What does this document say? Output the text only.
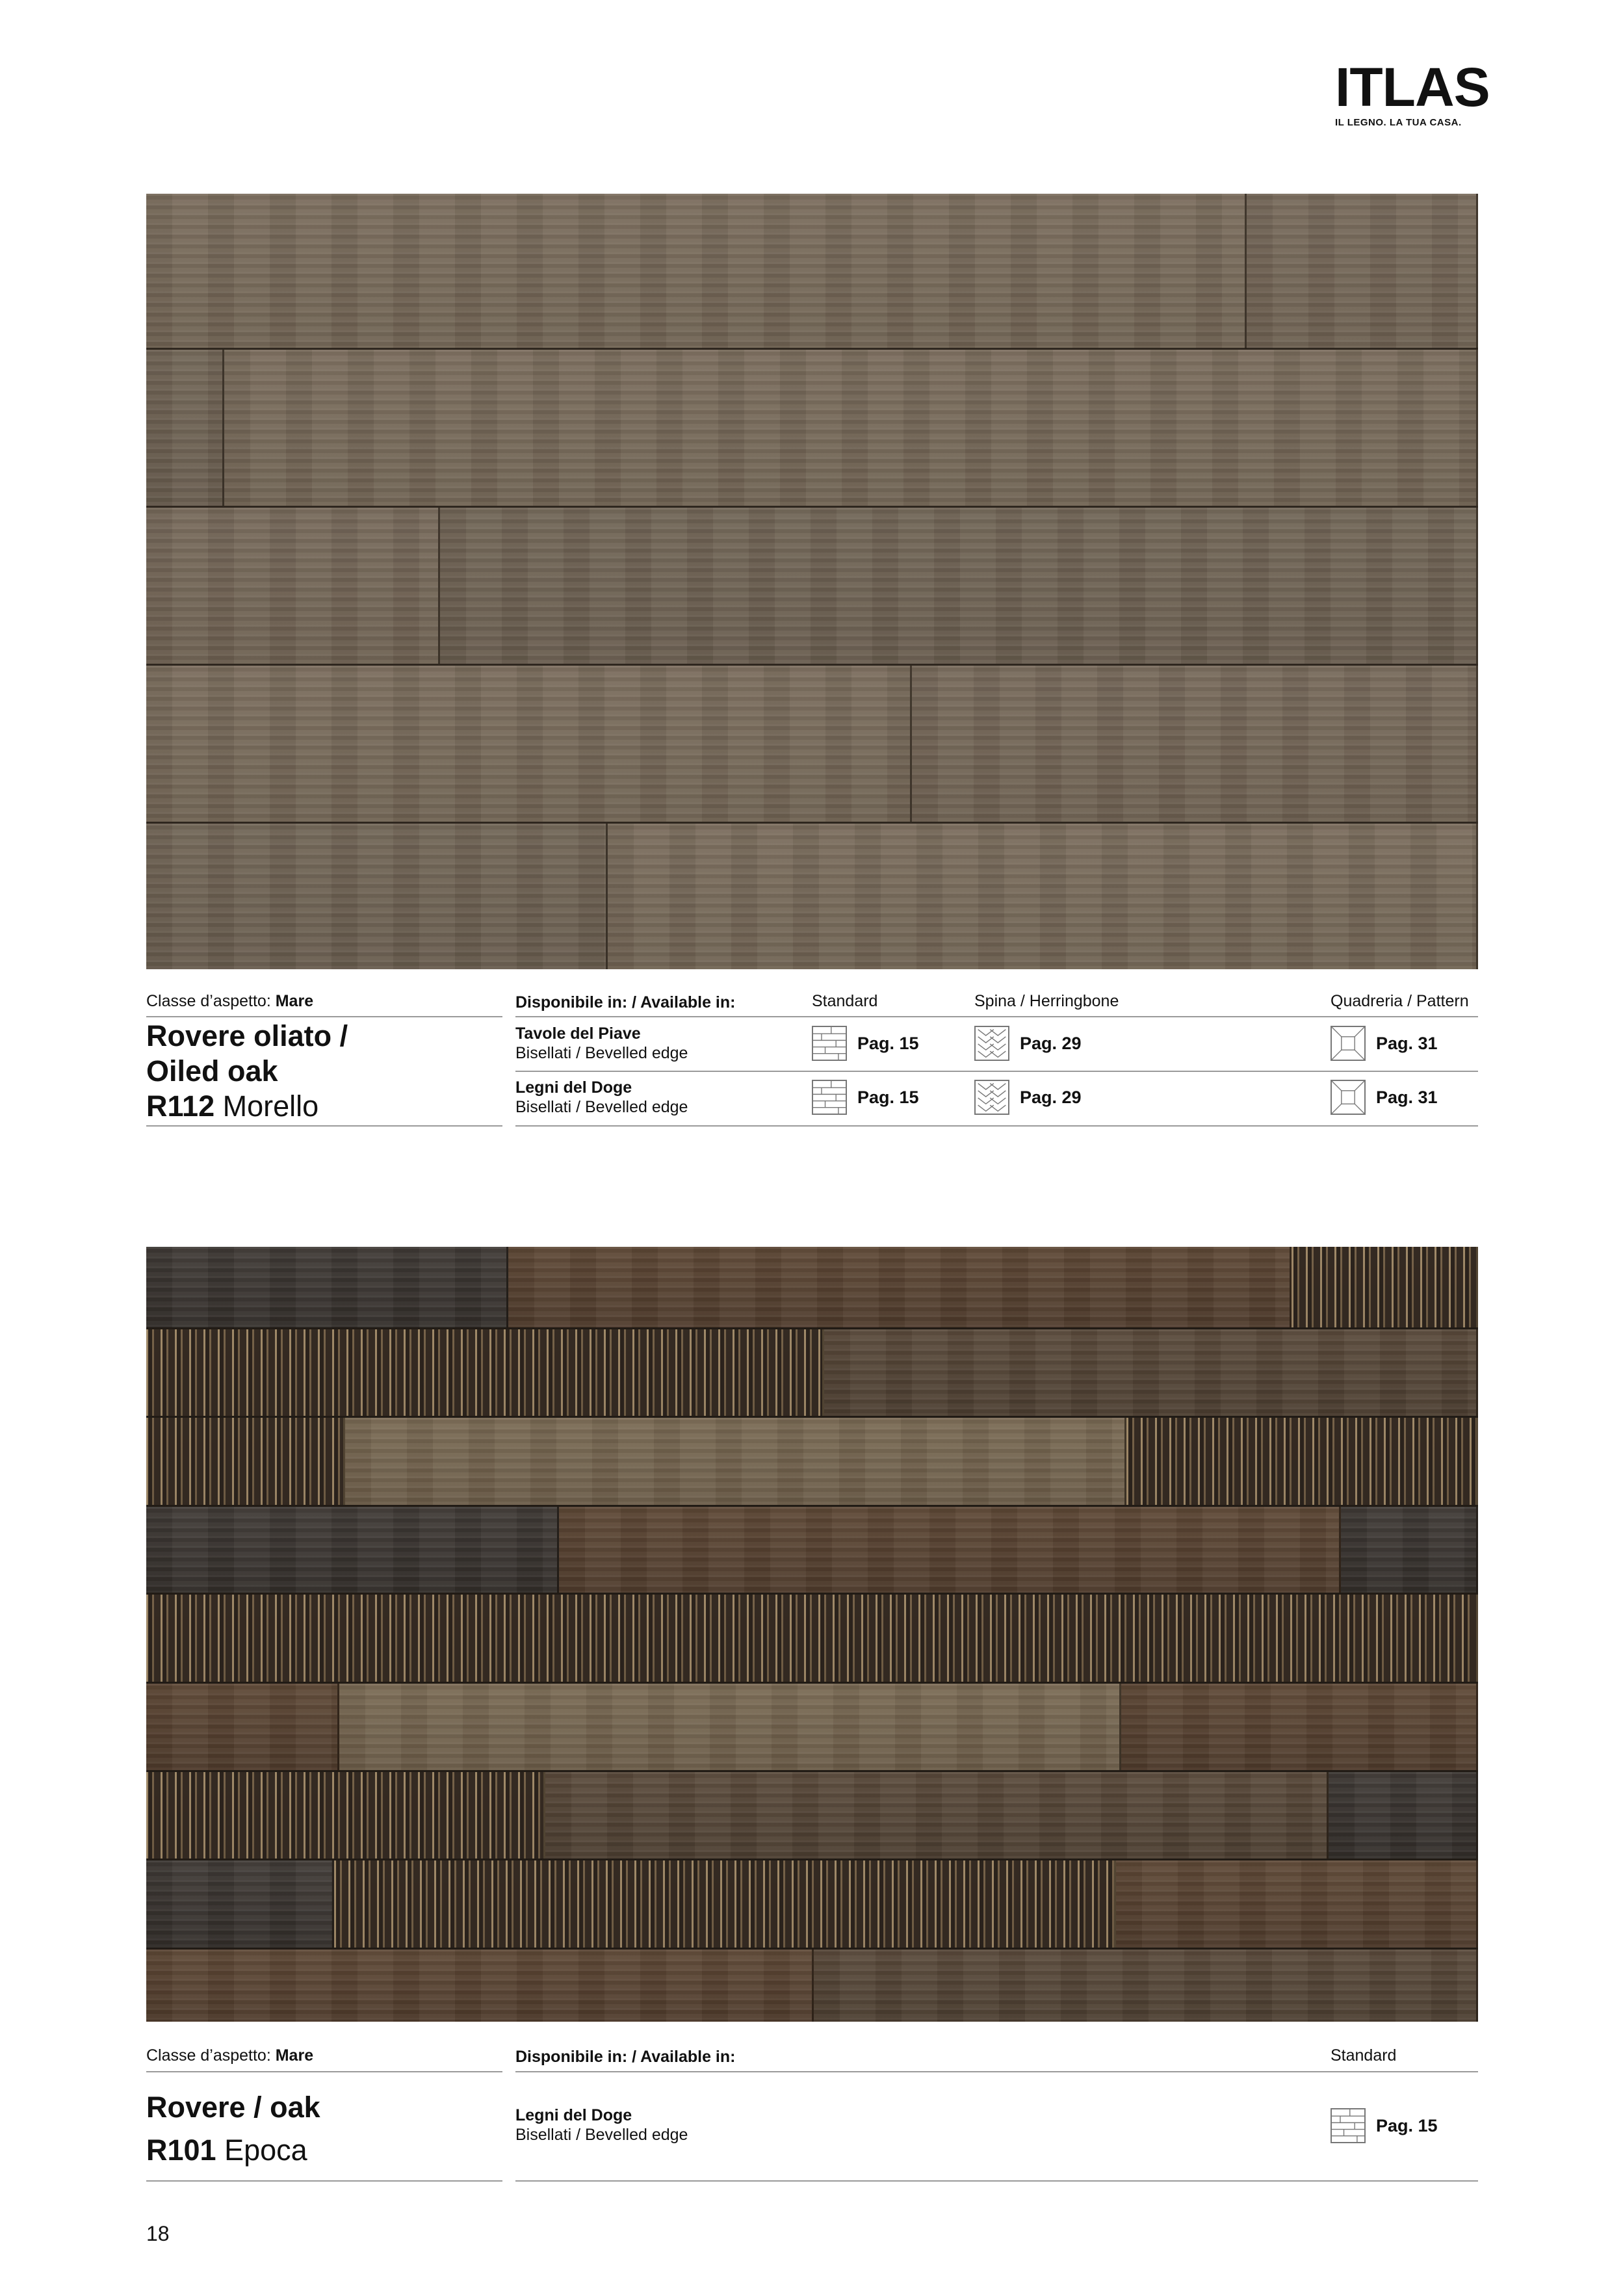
ITLAS
IL LEGNO. LA TUA CASA.
Classe d’aspetto: Mare
Rovere oliato /
Oiled oak
R112 Morello
Disponibile in: / Available in:	Standard	Spina / Herringbone	Quadreria / Pattern
Tavole del Piave
Bisellati / Bevelled edge	Pag. 15	Pag. 29	Pag. 31
Legni del Doge
Bisellati / Bevelled edge	Pag. 15	Pag. 29	Pag. 31
Classe d’aspetto: Mare
Rovere / oak
R101 Epoca
Disponibile in: / Available in:	Standard
Legni del Doge
Bisellati / Bevelled edge	Pag. 15
18
